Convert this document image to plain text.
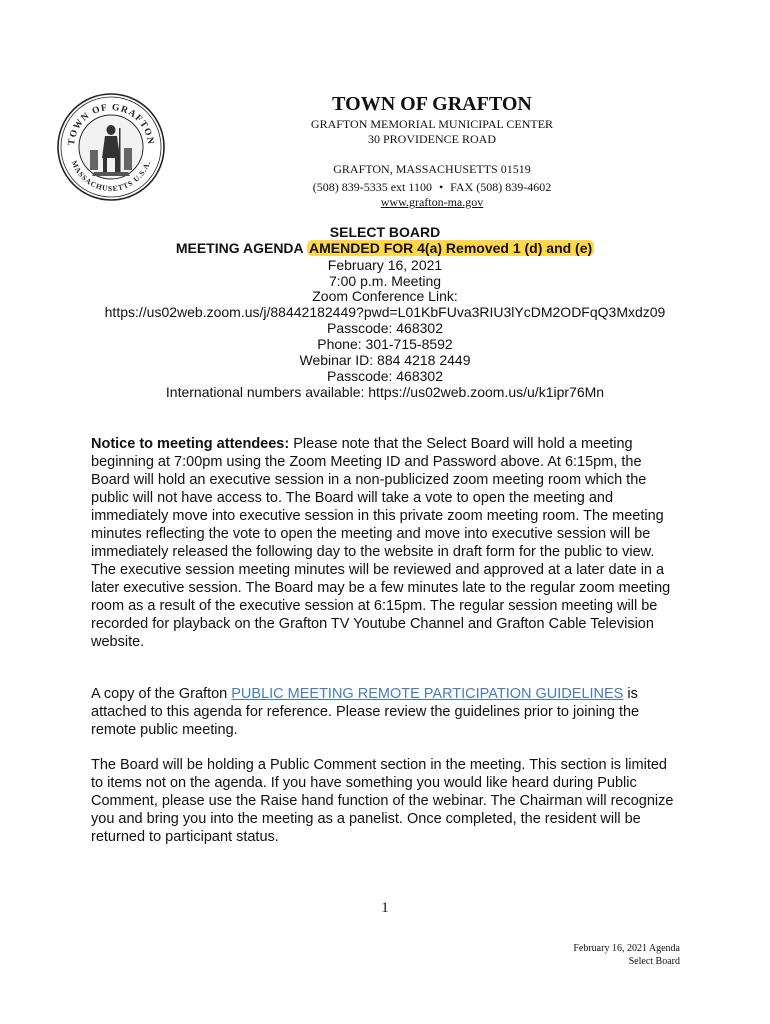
TOWN OF GRAFTON
MASSACHUSETTS U.S.A.
TOWN OF GRAFTON
GRAFTON MEMORIAL MUNICIPAL CENTER
30 PROVIDENCE ROAD
GRAFTON, MASSACHUSETTS 01519
(508) 839-5335 ext 1100 • FAX (508) 839-4602
www.grafton-ma.gov
SELECT BOARD
MEETING AGENDA AMENDED FOR 4(a) Removed 1 (d) and (e)
February 16, 2021
7:00 p.m. Meeting
Zoom Conference Link:
https://us02web.zoom.us/j/88442182449?pwd=L01KbFUva3RIU3lYcDM2ODFqQ3Mxdz09
Passcode: 468302
Phone: 301-715-8592
Webinar ID: 884 4218 2449
Passcode: 468302
International numbers available: https://us02web.zoom.us/u/k1ipr76Mn
Notice to meeting attendees: Please note that the Select Board will hold a meeting beginning at 7:00pm using the Zoom Meeting ID and Password above. At 6:15pm, the Board will hold an executive session in a non-publicized zoom meeting room which the public will not have access to. The Board will take a vote to open the meeting and immediately move into executive session in this private zoom meeting room. The meeting minutes reflecting the vote to open the meeting and move into executive session will be immediately released the following day to the website in draft form for the public to view. The executive session meeting minutes will be reviewed and approved at a later date in a later executive session. The Board may be a few minutes late to the regular zoom meeting room as a result of the executive session at 6:15pm. The regular session meeting will be recorded for playback on the Grafton TV Youtube Channel and Grafton Cable Television website.
A copy of the Grafton PUBLIC MEETING REMOTE PARTICIPATION GUIDELINES is attached to this agenda for reference. Please review the guidelines prior to joining the remote public meeting.
The Board will be holding a Public Comment section in the meeting. This section is limited to items not on the agenda. If you have something you would like heard during Public Comment, please use the Raise hand function of the webinar. The Chairman will recognize you and bring you into the meeting as a panelist. Once completed, the resident will be returned to participant status.
1
February 16, 2021 Agenda
Select Board
